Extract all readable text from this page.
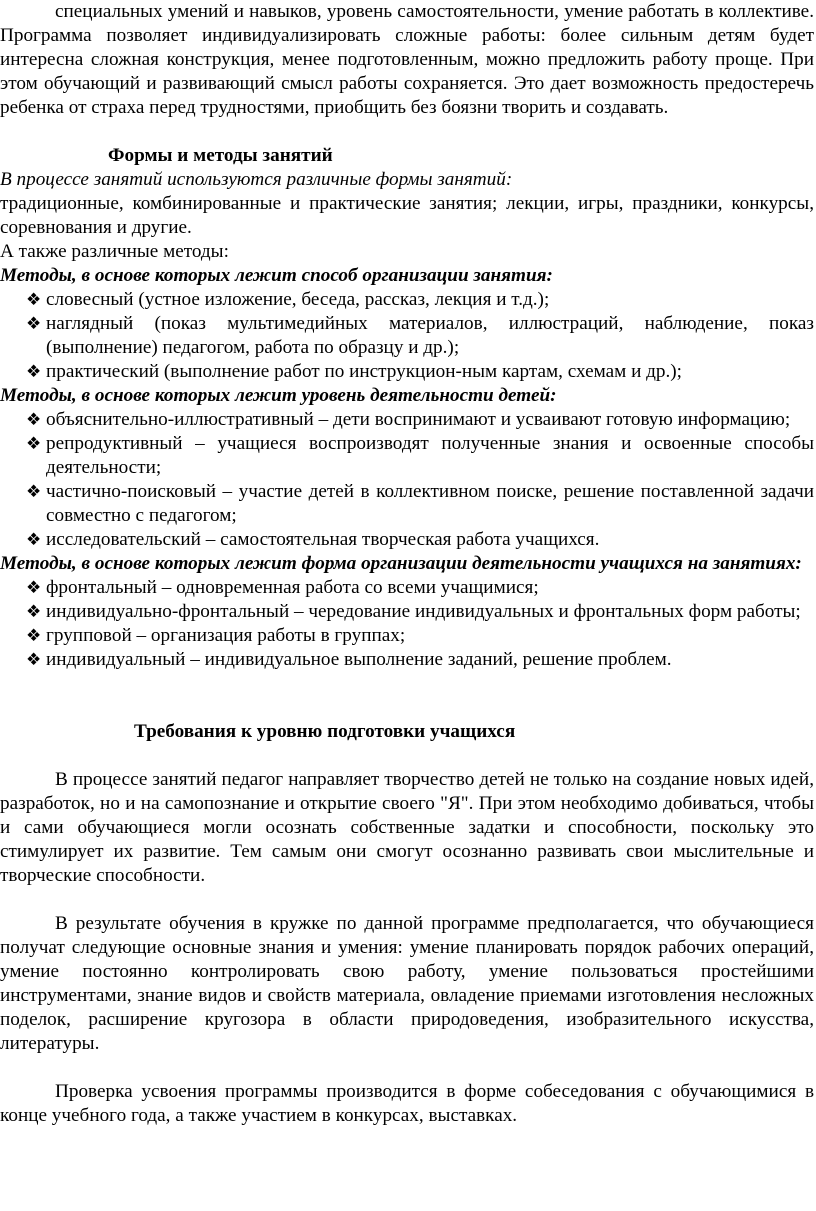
специальных умений и навыков, уровень самостоятельности, умение работать в коллективе. Программа позволяет индивидуализировать сложные работы: более сильным детям будет интересна сложная конструкция, менее подготовленным, можно предложить работу проще. При этом обучающий и развивающий смысл работы сохраняется. Это дает возможность предостеречь ребенка от страха перед трудностями, приобщить без боязни творить и создавать.

Формы и методы занятий

В процессе занятий используются различные формы занятий:

традиционные, комбинированные и практические занятия; лекции, игры, праздники, конкурсы, соревнования и другие.

А также различные методы:

Методы, в основе которых лежит способ организации занятия:

❖ словесный (устное изложение, беседа, рассказ, лекция и т.д.);
❖ наглядный (показ мультимедийных материалов, иллюстраций, наблюдение, показ (выполнение) педагогом, работа по образцу и др.);
❖ практический (выполнение работ по инструкцион-ным картам, схемам и др.);

Методы, в основе которых лежит уровень деятельности детей:

❖ объяснительно-иллюстративный – дети воспринимают и усваивают готовую информацию;
❖ репродуктивный – учащиеся воспроизводят полученные знания и освоенные способы деятельности;
❖ частично-поисковый – участие детей в коллективном поиске, решение поставленной задачи совместно с педагогом;
❖ исследовательский – самостоятельная творческая работа учащихся.

Методы, в основе которых лежит форма организации деятельности учащихся на занятиях:

❖ фронтальный – одновременная работа со всеми учащимися;
❖ индивидуально-фронтальный – чередование индивидуальных и фронтальных форм работы;
❖ групповой – организация работы в группах;
❖ индивидуальный – индивидуальное выполнение заданий, решение проблем.

Требования к уровню подготовки учащихся

В процессе занятий педагог направляет творчество детей не только на создание новых идей, разработок, но и на самопознание и открытие своего "Я". При этом необходимо добиваться, чтобы и сами обучающиеся могли осознать собственные задатки и способности, поскольку это стимулирует их развитие. Тем самым они смогут осознанно развивать свои мыслительные и творческие способности.

В результате обучения в кружке по данной программе предполагается, что обучающиеся получат следующие основные знания и умения: умение планировать порядок рабочих операций, умение постоянно контролировать свою работу, умение пользоваться простейшими инструментами, знание видов и свойств материала, овладение приемами изготовления несложных поделок, расширение кругозора в области природоведения, изобразительного искусства, литературы.

Проверка усвоения программы производится в форме собеседования с обучающимися в конце учебного года, а также участием в конкурсах, выставках.
